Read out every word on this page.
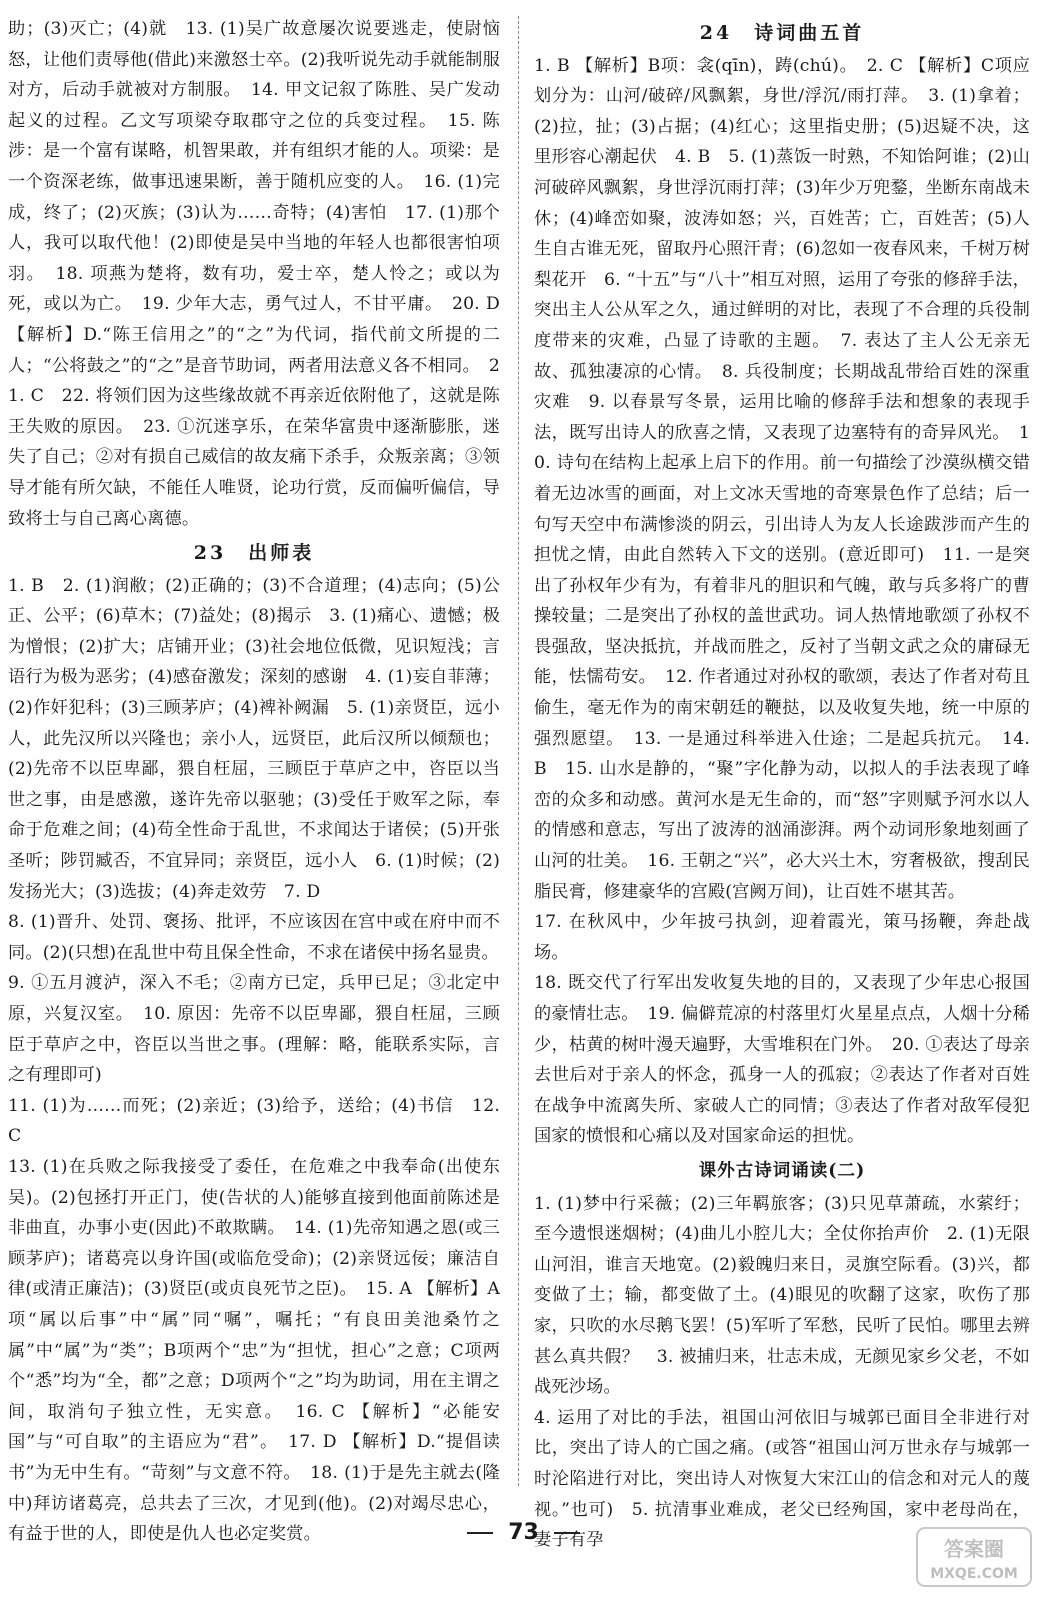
助；(3)灭亡；(4)就　13. (1)吴广故意屡次说要逃走，使尉恼怒，让他们责辱他(借此)来激怒士卒。(2)我听说先动手就能制服对方，后动手就被对方制服。　14. 甲文记叙了陈胜、吴广发动起义的过程。乙文写项梁夺取郡守之位的兵变过程。　15. 陈涉：是一个富有谋略，机智果敢，并有组织才能的人。项梁：是一个资深老练，做事迅速果断，善于随机应变的人。　16. (1)完成，终了；(2)灭族；(3)认为……奇特；(4)害怕　17. (1)那个人，我可以取代他！(2)即使是吴中当地的年轻人也都很害怕项羽。　18. 项燕为楚将，数有功，爱士卒，楚人怜之；或以为死，或以为亡。　19. 少年大志，勇气过人，不甘平庸。　20. D 【解析】D.“陈王信用之”的“之”为代词，指代前文所提的二人；“公将鼓之”的“之”是音节助词，两者用法意义各不相同。　21. C　22. 将领们因为这些缘故就不再亲近依附他了，这就是陈王失败的原因。　23. ①沉迷享乐，在荣华富贵中逐渐膨胀，迷失了自己；②对有损自己威信的故友痛下杀手，众叛亲离；③领导才能有所欠缺，不能任人唯贤，论功行赏，反而偏听偏信，导致将士与自己离心离德。

23　出师表

1. B　2. (1)润敝；(2)正确的；(3)不合道理；(4)志向；(5)公正、公平；(6)草木；(7)益处；(8)揭示　3. (1)痛心、遗憾；极为憎恨；(2)扩大；店铺开业；(3)社会地位低微，见识短浅；言语行为极为恶劣；(4)感奋激发；深刻的感谢　4. (1)妄自菲薄；(2)作奸犯科；(3)三顾茅庐；(4)裨补阙漏　5. (1)亲贤臣，远小人，此先汉所以兴隆也；亲小人，远贤臣，此后汉所以倾颓也；(2)先帝不以臣卑鄙，猥自枉屈，三顾臣于草庐之中，咨臣以当世之事，由是感激，遂许先帝以驱驰；(3)受任于败军之际，奉命于危难之间；(4)苟全性命于乱世，不求闻达于诸侯；(5)开张圣听；陟罚臧否，不宜异同；亲贤臣，远小人　6. (1)时候；(2)发扬光大；(3)选拔；(4)奔走效劳　7. D

8. (1)晋升、处罚、褒扬、批评，不应该因在宫中或在府中而不同。(2)(只想)在乱世中苟且保全性命，不求在诸侯中扬名显贵。

9. ①五月渡泸，深入不毛；②南方已定，兵甲已足；③北定中原，兴复汉室。　10. 原因：先帝不以臣卑鄙，猥自枉屈，三顾臣于草庐之中，咨臣以当世之事。(理解：略，能联系实际，言之有理即可)

11. (1)为……而死；(2)亲近；(3)给予，送给；(4)书信　12. C

13. (1)在兵败之际我接受了委任，在危难之中我奉命(出使东吴)。(2)包拯打开正门，使(告状的人)能够直接到他面前陈述是非曲直，办事小吏(因此)不敢欺瞒。　14. (1)先帝知遇之恩(或三顾茅庐)；诸葛亮以身许国(或临危受命)；(2)亲贤远佞；廉洁自律(或清正廉洁)；(3)贤臣(或贞良死节之臣)。　15. A 【解析】A项“属以后事”中“属”同“嘱”，嘱托；“有良田美池桑竹之属”中“属”为“类”；B项两个“忠”为“担忧，担心”之意；C项两个“悉”均为“全，都”之意；D项两个“之”均为助词，用在主谓之间，取消句子独立性，无实意。　16. C 【解析】“必能安国”与“可自取”的主语应为“君”。　17. D 【解析】D.“提倡读书”为无中生有。“苛刻”与文意不符。　18. (1)于是先主就去(隆中)拜访诸葛亮，总共去了三次，才见到(他)。(2)对竭尽忠心，有益于世的人，即使是仇人也必定奖赏。

24　诗词曲五首

1. B 【解析】B项：衾(qīn)，踌(chú)。　2. C 【解析】C项应划分为：山河/破碎/风飘絮，身世/浮沉/雨打萍。　3. (1)拿着；(2)拉，扯；(3)占据；(4)红心；这里指史册；(5)迟疑不决，这里形容心潮起伏　4. B　5. (1)蒸饭一时熟，不知饴阿谁；(2)山河破碎风飘絮，身世浮沉雨打萍；(3)年少万兜鍪，坐断东南战未休；(4)峰峦如聚，波涛如怒；兴，百姓苦；亡，百姓苦；(5)人生自古谁无死，留取丹心照汗青；(6)忽如一夜春风来，千树万树梨花开　6. “十五”与“八十”相互对照，运用了夸张的修辞手法，突出主人公从军之久，通过鲜明的对比，表现了不合理的兵役制度带来的灾难，凸显了诗歌的主题。　7. 表达了主人公无亲无故、孤独凄凉的心情。　8. 兵役制度；长期战乱带给百姓的深重灾难　9. 以春景写冬景，运用比喻的修辞手法和想象的表现手法，既写出诗人的欣喜之情，又表现了边塞特有的奇异风光。　10. 诗句在结构上起承上启下的作用。前一句描绘了沙漠纵横交错着无边冰雪的画面，对上文冰天雪地的奇寒景色作了总结；后一句写天空中布满惨淡的阴云，引出诗人为友人长途跋涉而产生的担忧之情，由此自然转入下文的送别。(意近即可)　11. 一是突出了孙权年少有为，有着非凡的胆识和气魄，敢与兵多将广的曹操较量；二是突出了孙权的盖世武功。词人热情地歌颂了孙权不畏强敌，坚决抵抗，并战而胜之，反衬了当朝文武之众的庸碌无能，怯懦苟安。　12. 作者通过对孙权的歌颂，表达了作者对苟且偷生，毫无作为的南宋朝廷的鞭挞，以及收复失地，统一中原的强烈愿望。　13. 一是通过科举进入仕途；二是起兵抗元。　14. B　15. 山水是静的，“聚”字化静为动，以拟人的手法表现了峰峦的众多和动感。黄河水是无生命的，而“怒”字则赋予河水以人的情感和意志，写出了波涛的汹涌澎湃。两个动词形象地刻画了山河的壮美。　16. 王朝之“兴”，必大兴土木，穷奢极欲，搜刮民脂民膏，修建豪华的宫殿(宫阙万间)，让百姓不堪其苦。

17. 在秋风中，少年披弓执剑，迎着霞光，策马扬鞭，奔赴战场。

18. 既交代了行军出发收复失地的目的，又表现了少年忠心报国的豪情壮志。　19. 偏僻荒凉的村落里灯火星星点点，人烟十分稀少，枯黄的树叶漫天遍野，大雪堆积在门外。　20. ①表达了母亲去世后对于亲人的怀念，孤身一人的孤寂；②表达了作者对百姓在战争中流离失所、家破人亡的同情；③表达了作者对敌军侵犯国家的愤恨和心痛以及对国家命运的担忧。

课外古诗词诵读(二)

1. (1)梦中行采薇；(2)三年羁旅客；(3)只见草萧疏，水萦纡；至今遗恨迷烟树；(4)曲儿小腔儿大；全仗你抬声价　2. (1)无限山河泪，谁言天地宽。(2)毅魄归来日，灵旗空际看。(3)兴，都变做了土；输，都变做了土。(4)眼见的吹翻了这家，吹伤了那家，只吹的水尽鹅飞罢！(5)军听了军愁，民听了民怕。哪里去辨甚么真共假？　3. 被捕归来，壮志未成，无颜见家乡父老，不如战死沙场。

4. 运用了对比的手法，祖国山河依旧与城郭已面目全非进行对比，突出了诗人的亡国之痛。(或答“祖国山河万世永存与城郭一时沦陷进行对比，突出诗人对恢复大宋江山的信念和对元人的蔑视。”也可)　5. 抗清事业难成，老父已经殉国，家中老母尚在，妻子有孕

73
答案圈
MXQE.COM
